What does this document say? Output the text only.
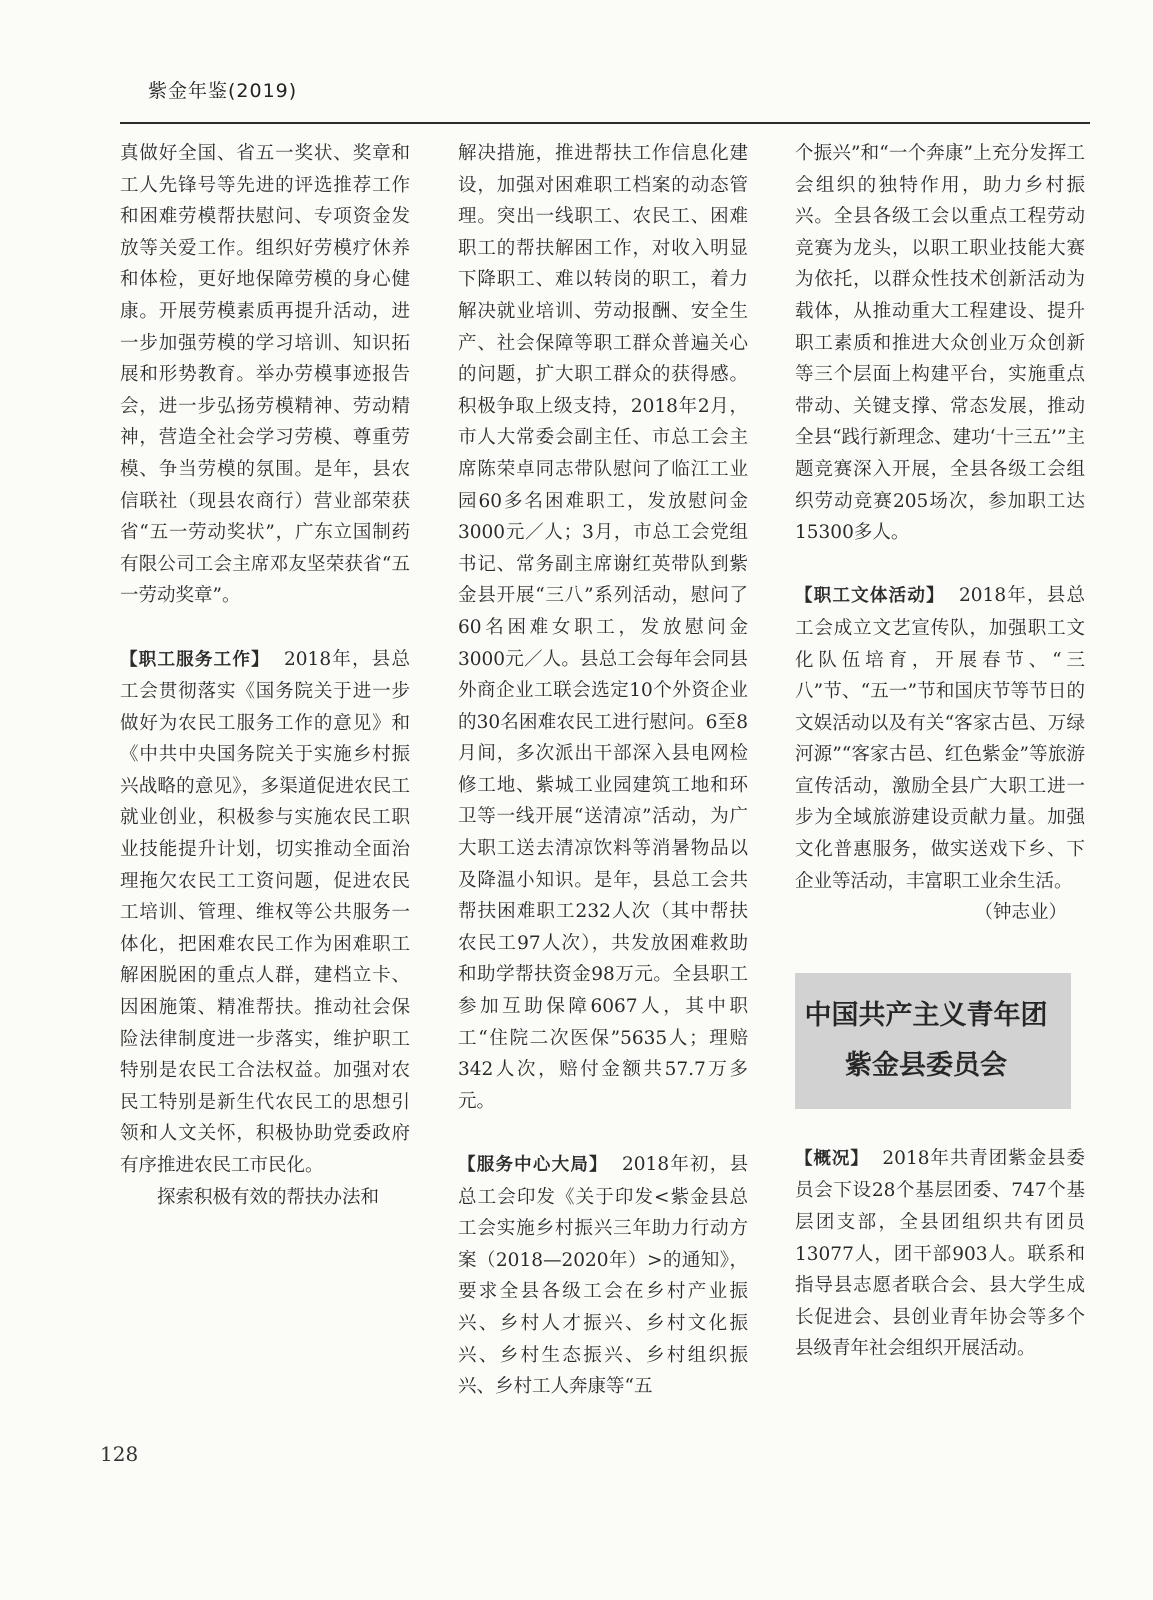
紫金年鉴(2019)

真做好全国、省五一奖状、奖章和工人先锋号等先进的评选推荐工作和困难劳模帮扶慰问、专项资金发放等关爱工作。组织好劳模疗休养和体检，更好地保障劳模的身心健康。开展劳模素质再提升活动，进一步加强劳模的学习培训、知识拓展和形势教育。举办劳模事迹报告会，进一步弘扬劳模精神、劳动精神，营造全社会学习劳模、尊重劳模、争当劳模的氛围。是年，县农信联社（现县农商行）营业部荣获省“五一劳动奖状”，广东立国制药有限公司工会主席邓友坚荣获省“五一劳动奖章”。

【职工服务工作】 2018年，县总工会贯彻落实《国务院关于进一步做好为农民工服务工作的意见》和《中共中央国务院关于实施乡村振兴战略的意见》，多渠道促进农民工就业创业，积极参与实施农民工职业技能提升计划，切实推动全面治理拖欠农民工工资问题，促进农民工培训、管理、维权等公共服务一体化，把困难农民工作为困难职工解困脱困的重点人群，建档立卡、因困施策、精准帮扶。推动社会保险法律制度进一步落实，维护职工特别是农民工合法权益。加强对农民工特别是新生代农民工的思想引领和人文关怀，积极协助党委政府有序推进农民工市民化。

探索积极有效的帮扶办法和

解决措施，推进帮扶工作信息化建设，加强对困难职工档案的动态管理。突出一线职工、农民工、困难职工的帮扶解困工作，对收入明显下降职工、难以转岗的职工，着力解决就业培训、劳动报酬、安全生产、社会保障等职工群众普遍关心的问题，扩大职工群众的获得感。积极争取上级支持，2018年2月，市人大常委会副主任、市总工会主席陈荣卓同志带队慰问了临江工业园60多名困难职工，发放慰问金3000元／人；3月，市总工会党组书记、常务副主席谢红英带队到紫金县开展“三八”系列活动，慰问了60名困难女职工，发放慰问金3000元／人。县总工会每年会同县外商企业工联会选定10个外资企业的30名困难农民工进行慰问。6至8月间，多次派出干部深入县电网检修工地、紫城工业园建筑工地和环卫等一线开展“送清凉”活动，为广大职工送去清凉饮料等消暑物品以及降温小知识。是年，县总工会共帮扶困难职工232人次（其中帮扶农民工97人次），共发放困难救助和助学帮扶资金98万元。全县职工参加互助保障6067人，其中职工“住院二次医保”5635人；理赔342人次，赔付金额共57.7万多元。

【服务中心大局】 2018年初，县总工会印发《关于印发<紫金县总工会实施乡村振兴三年助力行动方案（2018—2020年）>的通知》，要求全县各级工会在乡村产业振兴、乡村人才振兴、乡村文化振兴、乡村生态振兴、乡村组织振兴、乡村工人奔康等“五

个振兴”和“一个奔康”上充分发挥工会组织的独特作用，助力乡村振兴。全县各级工会以重点工程劳动竞赛为龙头，以职工职业技能大赛为依托，以群众性技术创新活动为载体，从推动重大工程建设、提升职工素质和推进大众创业万众创新等三个层面上构建平台，实施重点带动、关键支撑、常态发展，推动全县“践行新理念、建功‘十三五’”主题竞赛深入开展，全县各级工会组织劳动竞赛205场次，参加职工达15300多人。

【职工文体活动】 2018年，县总工会成立文艺宣传队，加强职工文化队伍培育，开展春节、“三八”节、“五一”节和国庆节等节日的文娱活动以及有关“客家古邑、万绿河源”“客家古邑、红色紫金”等旅游宣传活动，激励全县广大职工进一步为全域旅游建设贡献力量。加强文化普惠服务，做实送戏下乡、下企业等活动，丰富职工业余生活。

（钟志业）

中国共产主义青年团
紫金县委员会

【概况】 2018年共青团紫金县委员会下设28个基层团委、747个基层团支部，全县团组织共有团员13077人，团干部903人。联系和指导县志愿者联合会、县大学生成长促进会、县创业青年协会等多个县级青年社会组织开展活动。

128
